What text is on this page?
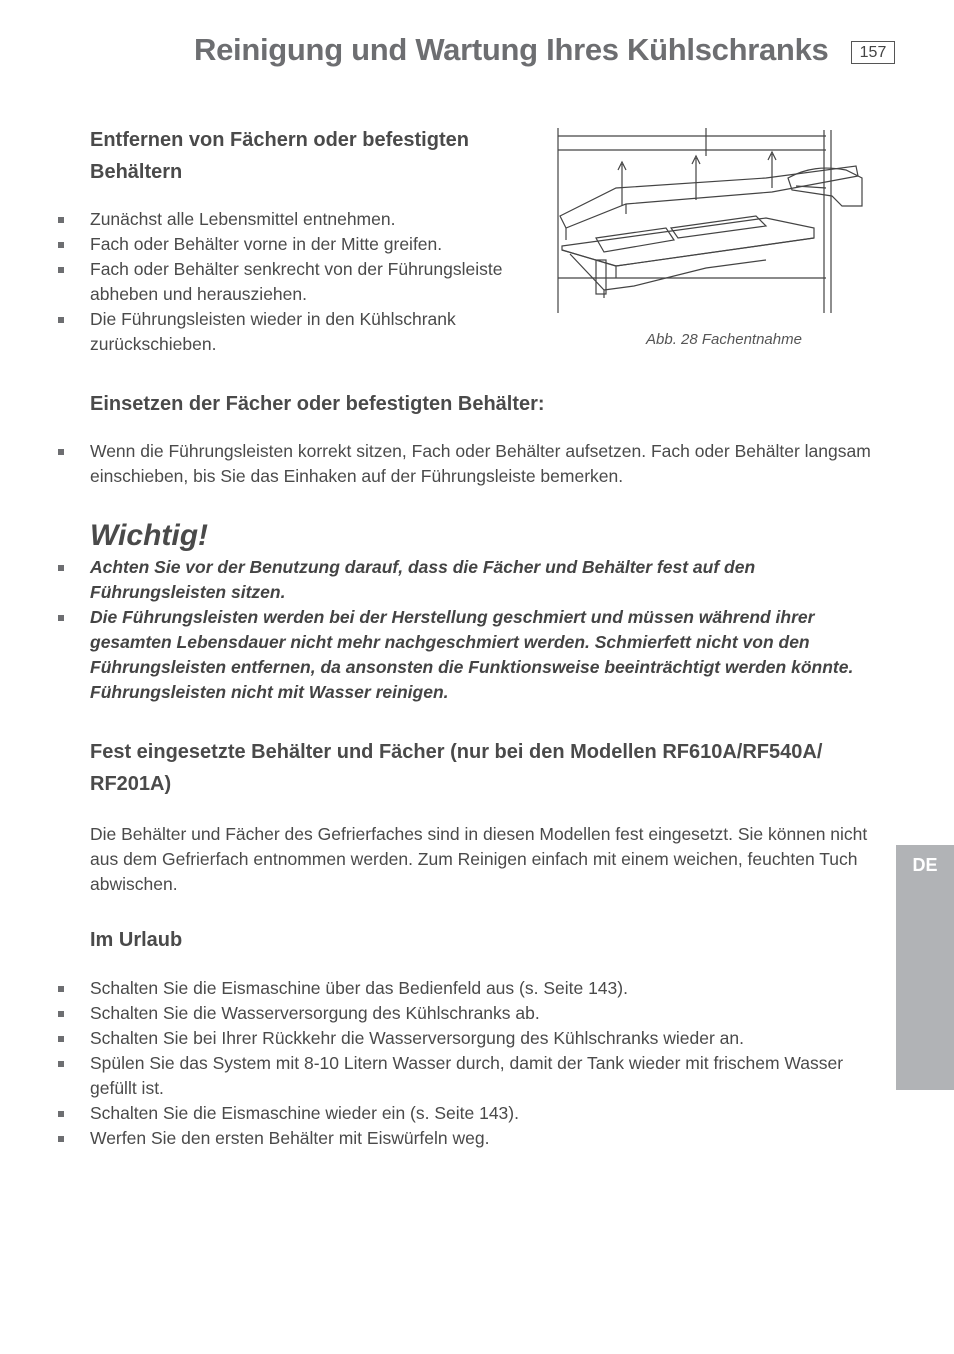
Reinigung und Wartung Ihres Kühlschranks	157
Entfernen von Fächern oder befestigten
Behältern
Zunächst alle Lebensmittel entnehmen.
Fach oder Behälter vorne in der Mitte greifen.
Fach oder Behälter senkrecht von der Führungsleiste abheben und herausziehen.
Die Führungsleisten wieder in den Kühlschrank zurückschieben.	Abb. 28 Fachentnahme
Einsetzen der Fächer oder befestigten Behälter:
Wenn die Führungsleisten korrekt sitzen, Fach oder Behälter aufsetzen. Fach oder Behälter langsam einschieben, bis Sie das Einhaken auf der Führungsleiste bemerken.
Wichtig!
Achten Sie vor der Benutzung darauf, dass die Fächer und Behälter fest auf den Führungsleisten sitzen.
Die Führungsleisten werden bei der Herstellung geschmiert und müssen während ihrer gesamten Lebensdauer nicht mehr nachgeschmiert werden. Schmierfett nicht von den Führungsleisten entfernen, da ansonsten die Funktionsweise beeinträchtigt werden könnte. Führungsleisten nicht mit Wasser reinigen.
Fest eingesetzte Behälter und Fächer (nur bei den Modellen RF610A/RF540A/
RF201A)
Die Behälter und Fächer des Gefrierfaches sind in diesen Modellen fest eingesetzt. Sie können nicht aus dem Gefrierfach entnommen werden. Zum Reinigen einfach mit einem weichen, feuchten Tuch abwischen.
Im Urlaub
Schalten Sie die Eismaschine über das Bedienfeld aus (s. Seite 143).
Schalten Sie die Wasserversorgung des Kühlschranks ab.
Schalten Sie bei Ihrer Rückkehr die Wasserversorgung des Kühlschranks wieder an.
Spülen Sie das System mit 8-10 Litern Wasser durch, damit der Tank wieder mit frischem Wasser gefüllt ist.
Schalten Sie die Eismaschine wieder ein (s. Seite 143).
Werfen Sie den ersten Behälter mit Eiswürfeln weg.
DE
